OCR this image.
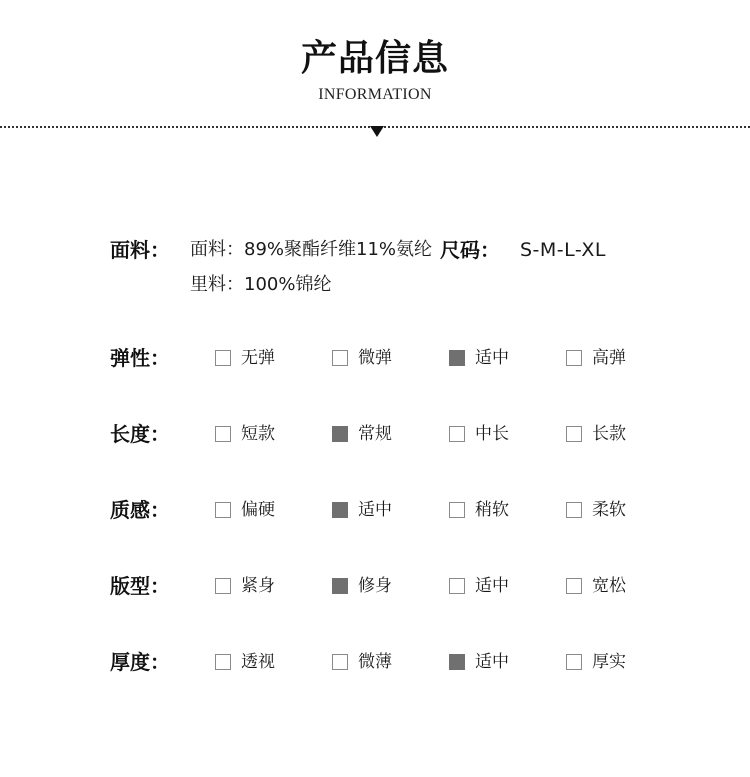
产品信息
INFORMATION
面料： 面料：89%聚酯纤维11%氨纶
里料：100%锦纶
尺码： S-M-L-XL
弹性：	无弹	微弹	适中	高弹
长度：	短款	常规	中长	长款
质感：	偏硬	适中	稍软	柔软
版型：	紧身	修身	适中	宽松
厚度：	透视	微薄	适中	厚实
